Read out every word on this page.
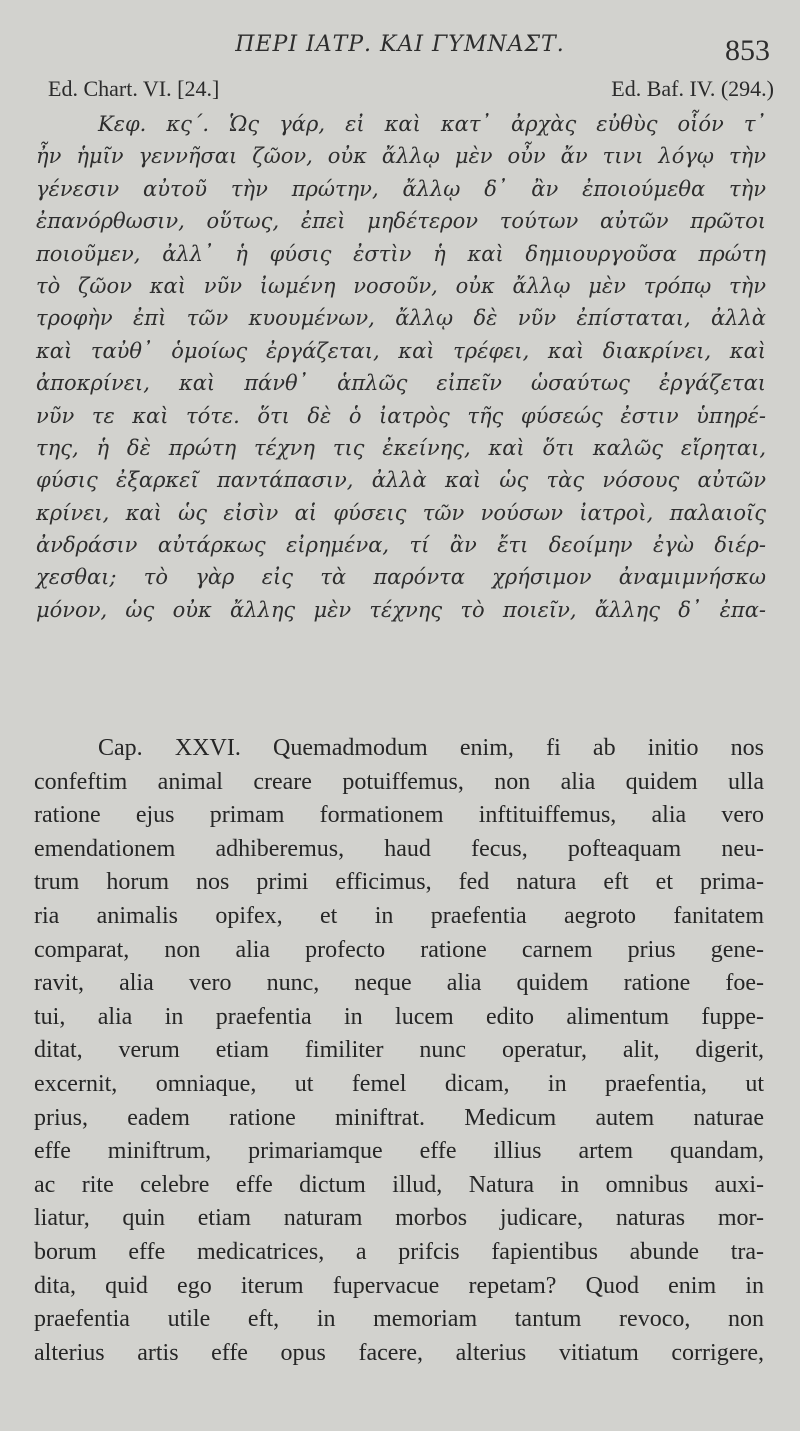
ΠΕΡΙ ΙΑΤΡ. ΚΑΙ ΓΥΜΝΑΣΤ.	853
Ed. Chart. VI. [24.]	Ed. Baf. IV. (294.)
Κεφ. κς΄. Ὡς γάρ, εἰ καὶ κατ᾽ ἀρχὰς εὐθὺς οἷόν τ᾽
ἦν ἡμῖν γεννῆσαι ζῶον, οὐκ ἄλλῳ μὲν οὖν ἄν τινι λόγῳ τὴν
γένεσιν αὐτοῦ τὴν πρώτην, ἄλλῳ δ᾽ ἂν ἐποιούμεθα τὴν
ἐπανόρθωσιν, οὕτως, ἐπεὶ μηδέτερον τούτων αὐτῶν πρῶτοι
ποιοῦμεν, ἀλλ᾽ ἡ φύσις ἐστὶν ἡ καὶ δημιουργοῦσα πρώτη
τὸ ζῶον καὶ νῦν ἰωμένη νοσοῦν, οὐκ ἄλλῳ μὲν τρόπῳ τὴν
τροφὴν ἐπὶ τῶν κυουμένων, ἄλλῳ δὲ νῦν ἐπίσταται, ἀλλὰ
καὶ ταὐθ᾽ ὁμοίως ἐργάζεται, καὶ τρέφει, καὶ διακρίνει, καὶ
ἀποκρίνει, καὶ πάνθ᾽ ἁπλῶς εἰπεῖν ὡσαύτως ἐργάζεται
νῦν τε καὶ τότε. ὅτι δὲ ὁ ἰατρὸς τῆς φύσεώς ἐστιν ὑπηρέ-
της, ἡ δὲ πρώτη τέχνη τις ἐκείνης, καὶ ὅτι καλῶς εἴρηται,
φύσις ἐξαρκεῖ παντάπασιν, ἀλλὰ καὶ ὡς τὰς νόσους αὐτῶν
κρίνει, καὶ ὡς εἰσὶν αἱ φύσεις τῶν νούσων ἰατροὶ, παλαιοῖς
ἀνδράσιν αὐτάρκως εἰρημένα, τί ἂν ἔτι δεοίμην ἐγὼ διέρ-
χεσθαι; τὸ γὰρ εἰς τὰ παρόντα χρήσιμον ἀναμιμνήσκω
μόνον, ὡς οὐκ ἄλλης μὲν τέχνης τὸ ποιεῖν, ἄλλης δ᾽ ἐπα-
Cap. XXVI. Quemadmodum enim, fi ab initio nos
confeftim animal creare potuiffemus, non alia quidem ulla
ratione ejus primam formationem inftituiffemus, alia vero
emendationem adhiberemus, haud fecus, pofteaquam neu-
trum horum nos primi efficimus, fed natura eft et prima-
ria animalis opifex, et in praefentia aegroto fanitatem
comparat, non alia profecto ratione carnem prius gene-
ravit, alia vero nunc, neque alia quidem ratione foe-
tui, alia in praefentia in lucem edito alimentum fuppe-
ditat, verum etiam fimiliter nunc operatur, alit, digerit,
excernit, omniaque, ut femel dicam, in praefentia, ut
prius, eadem ratione miniftrat. Medicum autem naturae
effe miniftrum, primariamque effe illius artem quandam,
ac rite celebre effe dictum illud, Natura in omnibus auxi-
liatur, quin etiam naturam morbos judicare, naturas mor-
borum effe medicatrices, a prifcis fapientibus abunde tra-
dita, quid ego iterum fupervacue repetam? Quod enim in
praefentia utile eft, in memoriam tantum revoco, non
alterius artis effe opus facere, alterius vitiatum corrigere,
